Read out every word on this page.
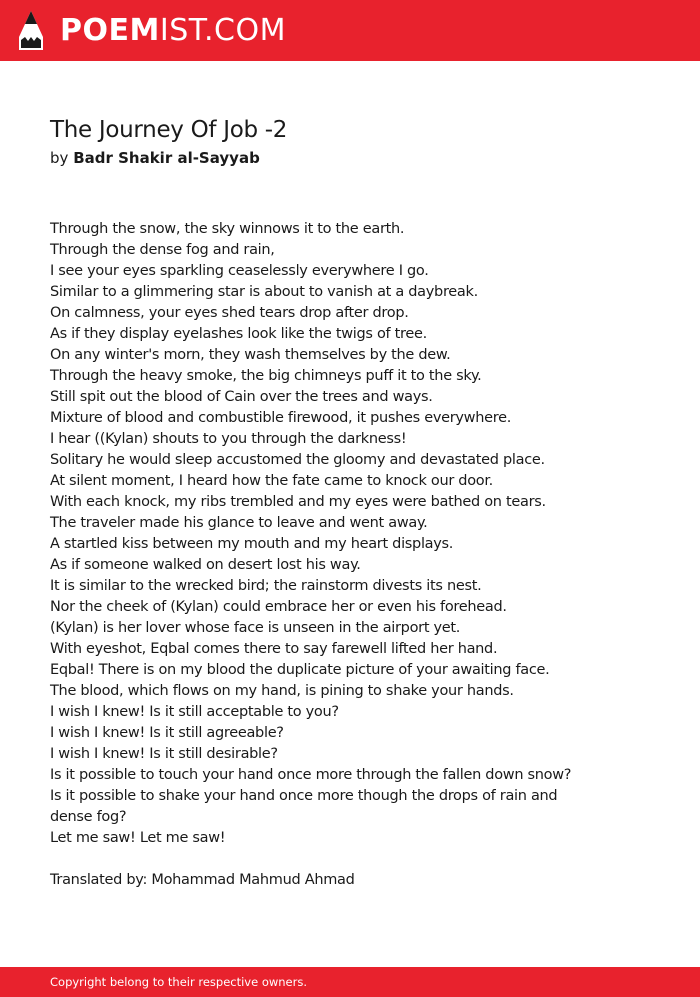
POEMIST.COM
The Journey Of Job -2
by Badr Shakir al-Sayyab
Through the snow, the sky winnows it to the earth.
Through the dense fog and rain,
I see your eyes sparkling ceaselessly everywhere I go.
Similar to a glimmering star is about to vanish at a daybreak.
On calmness, your eyes shed tears drop after drop.
As if they display eyelashes look like the twigs of tree.
On any winter's morn, they wash themselves by the dew.
Through the heavy smoke, the big chimneys puff it to the sky.
Still spit out the blood of Cain over the trees and ways.
Mixture of blood and combustible firewood, it pushes everywhere.
I hear ((Kylan) shouts to you through the darkness!
Solitary he would sleep accustomed the gloomy and devastated place.
At silent moment, I heard how the fate came to knock our door.
With each knock, my ribs trembled and my eyes were bathed on tears.
The traveler made his glance to leave and went away.
A startled kiss between my mouth and my heart displays.
As if someone walked on desert lost his way.
It is similar to the wrecked bird; the rainstorm divests its nest.
Nor the cheek of (Kylan) could embrace her or even his forehead.
(Kylan) is her lover whose face is unseen in the airport yet.
With eyeshot, Eqbal comes there to say farewell lifted her hand.
Eqbal! There is on my blood the duplicate picture of your awaiting face.
The blood, which flows on my hand, is pining to shake your hands.
I wish I knew! Is it still acceptable to you?
I wish I knew! Is it still agreeable?
I wish I knew! Is it still desirable?
Is it possible to touch your hand once more through the fallen down snow?
Is it possible to shake your hand once more though the drops of rain and
dense fog?
Let me saw! Let me saw!
Translated by: Mohammad Mahmud Ahmad
Copyright belong to their respective owners.
